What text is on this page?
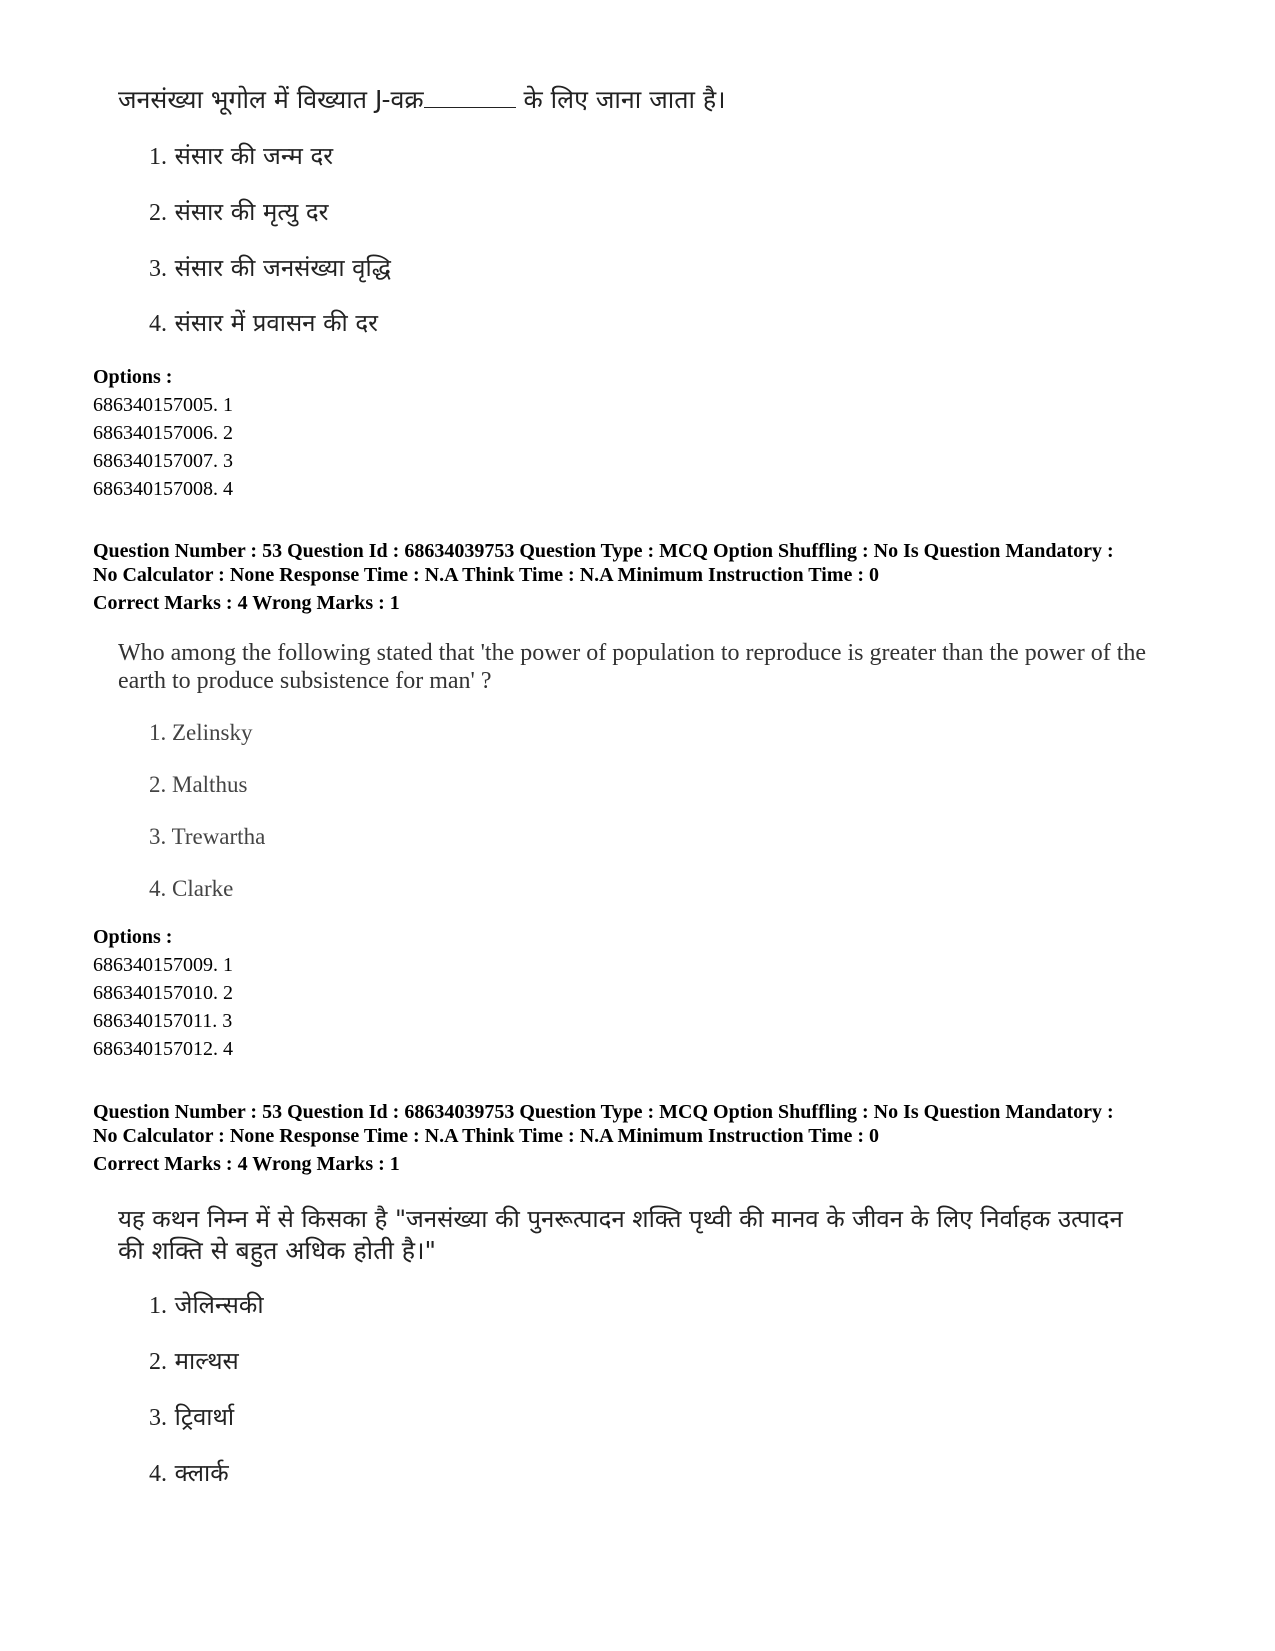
जनसंख्या भूगोल में विख्यात J-वक्र	के लिए जाना जाता है।
1. संसार की जन्म दर
2. संसार की मृत्यु दर
3. संसार की जनसंख्या वृद्धि
4. संसार में प्रवासन की दर
Options :
686340157005. 1
686340157006. 2
686340157007. 3
686340157008. 4
Question Number : 53 Question Id : 68634039753 Question Type : MCQ Option Shuffling : No Is Question Mandatory :
No Calculator : None Response Time : N.A Think Time : N.A Minimum Instruction Time : 0
Correct Marks : 4 Wrong Marks : 1
Who among the following stated that 'the power of population to reproduce is greater than the power of the
earth to produce subsistence for man' ?
1. Zelinsky
2. Malthus
3. Trewartha
4. Clarke
Options :
686340157009. 1
686340157010. 2
686340157011. 3
686340157012. 4
Question Number : 53 Question Id : 68634039753 Question Type : MCQ Option Shuffling : No Is Question Mandatory :
No Calculator : None Response Time : N.A Think Time : N.A Minimum Instruction Time : 0
Correct Marks : 4 Wrong Marks : 1
यह कथन निम्न में से किसका है "जनसंख्या की पुनरूत्पादन शक्ति पृथ्वी की मानव के जीवन के लिए निर्वाहक उत्पादन
की शक्ति से बहुत अधिक होती है।"
1. जेलिन्सकी
2. माल्थस
3. ट्रिवार्था
4. क्लार्क
